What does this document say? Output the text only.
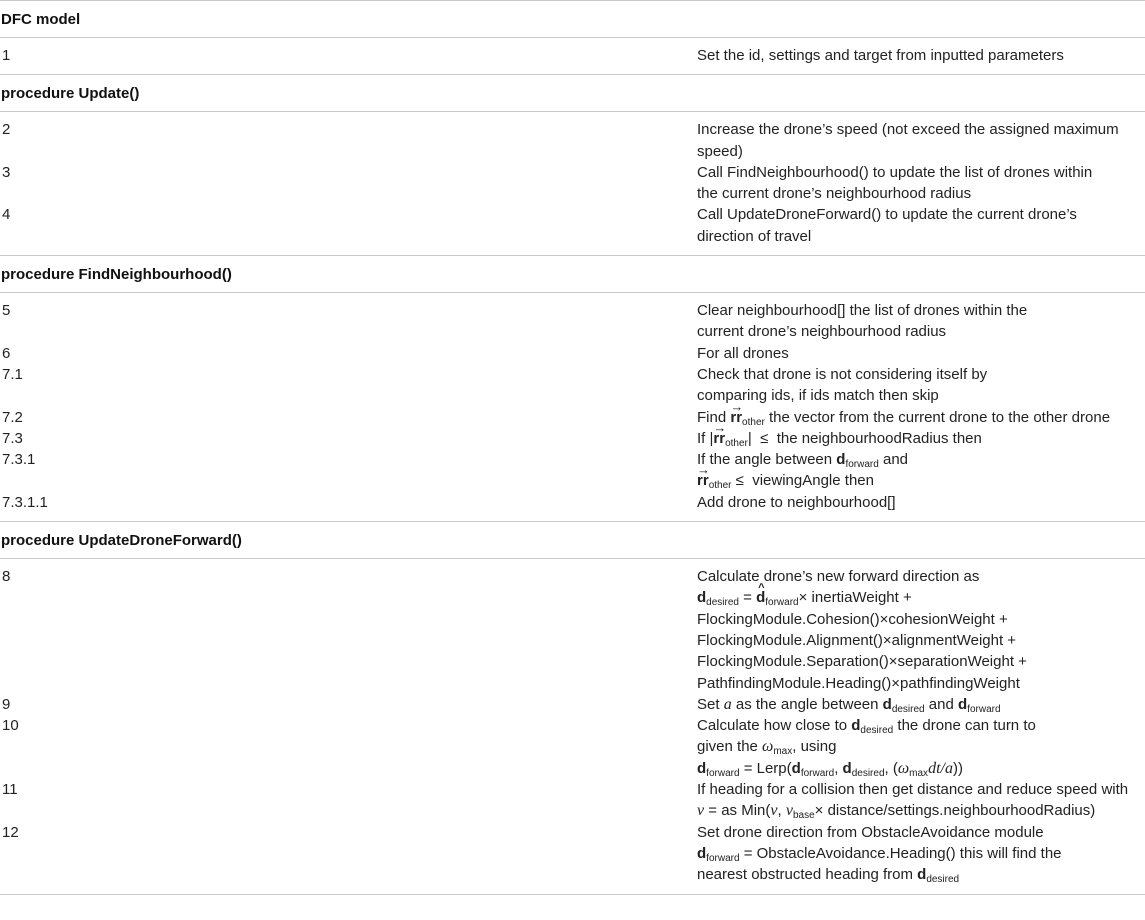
DFC model
1	Set the id, settings and target from inputted parameters
procedure Update()
2	Increase the drone’s speed (not exceed the assigned maximum
speed)
3	Call FindNeighbourhood() to update the list of drones within
the current drone’s neighbourhood radius
4	Call UpdateDroneForward() to update the current drone’s
direction of travel
procedure FindNeighbourhood()
5	Clear neighbourhood[] the list of drones within the
current drone’s neighbourhood radius
6	For all drones
7.1	Check that drone is not considering itself by
comparing ids, if ids match then skip
7.2	Find → $rr_{other}$ the vector from the current drone to the other drone
7.3	If |→ $rr_{other}|$  ≤  the neighbourhoodRadius then
7.3.1	If the angle between $d_{forward}$ and
→ $rr_{other}$ ≤  viewingAngle then
7.3.1.1	Add drone to neighbourhood[]
procedure UpdateDroneForward()
8	Calculate drone’s new forward direction as
$d_{desired}$ = ^ $d_{forward}\times$ inertiaWeight +
FlockingModule.Cohesion()×cohesionWeight +
FlockingModule.Alignment()×alignmentWeight +
FlockingModule.Separation()×separationWeight +
PathfindingModule.Heading()×pathfindingWeight
9	Set a as the angle between $d_{desired}$ and $d_{forward}$
10	Calculate how close to $d_{desired}$ the drone can turn to
given the $\omega_{max}$, using
$d_{forward}$ = $Lerp(d_{forward}$, $d_{desired}$, $(\omega_{max}dt/a)$)
11	If heading for a collision then get distance and reduce speed with
v = as Min(v, $v_{base}\times$ distance/settings.neighbourhoodRadius)
12	Set drone direction from ObstacleAvoidance module
$d_{forward}$ = ObstacleAvoidance.Heading() this will find the
nearest obstructed heading from $d_{desired}$
